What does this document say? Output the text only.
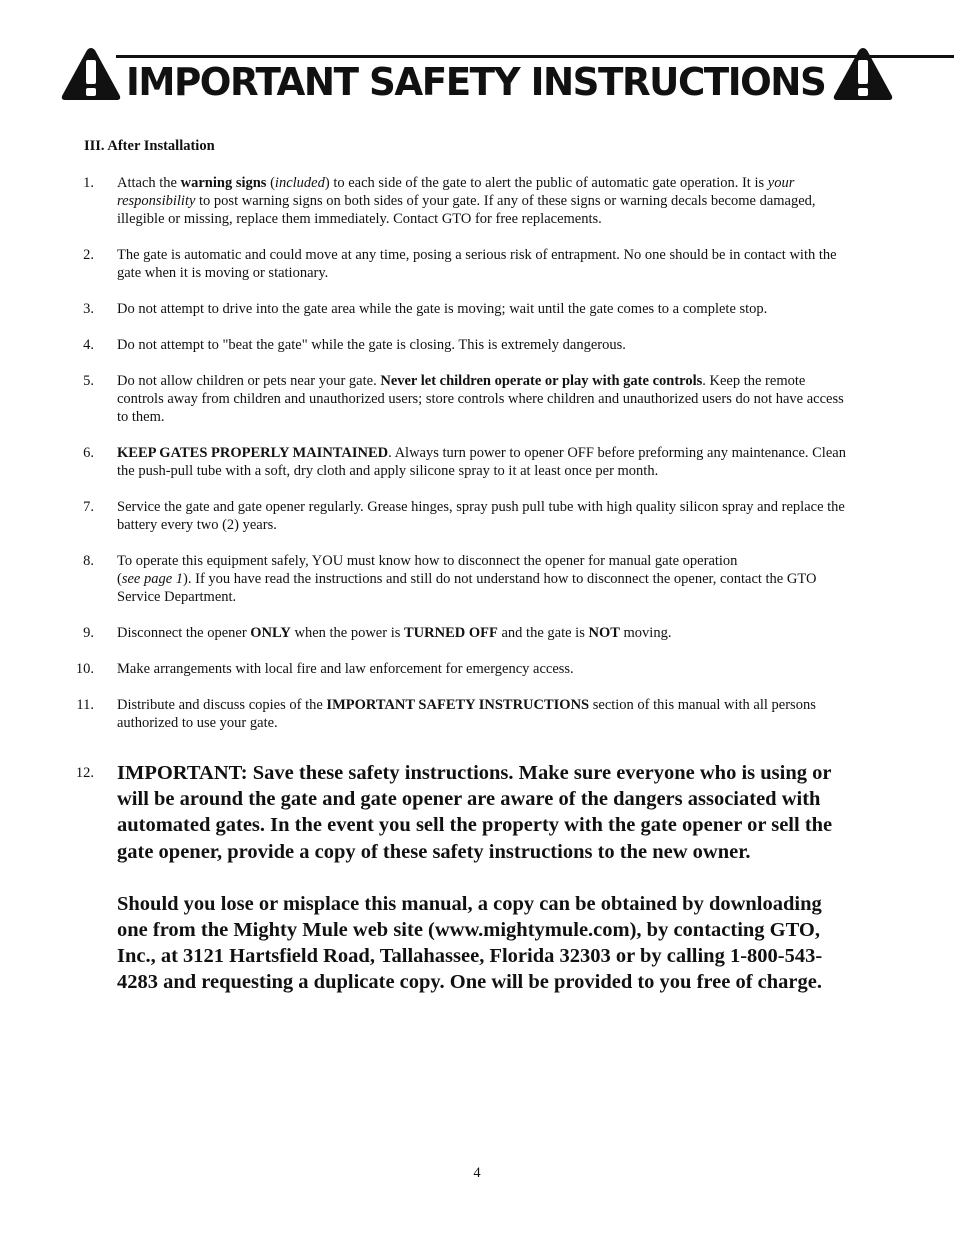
IMPORTANT SAFETY INSTRUCTIONS
III. After Installation
1.	Attach the warning signs (included) to each side of the gate to alert the public of automatic gate operation. It is your responsibility to post warning signs on both sides of your gate. If any of these signs or warning decals become damaged, illegible or missing, replace them immediately. Contact GTO for free replacements.
2.	The gate is automatic and could move at any time, posing a serious risk of entrapment. No one should be in contact with the gate when it is moving or stationary.
3.	Do not attempt to drive into the gate area while the gate is moving; wait until the gate comes to a complete stop.
4.	Do not attempt to "beat the gate" while the gate is closing. This is extremely dangerous.
5.	Do not allow children or pets near your gate. Never let children operate or play with gate controls. Keep the remote controls away from children and unauthorized users; store controls where children and unauthorized users do not have access to them.
6.	KEEP GATES PROPERLY MAINTAINED. Always turn power to opener OFF before preforming any maintenance. Clean the push-pull tube with a soft, dry cloth and apply silicone spray to it at least once per month.
7.	Service the gate and gate opener regularly. Grease hinges, spray push pull tube with high quality silicon spray and replace the battery every two (2) years.
8.	To operate this equipment safely, YOU must know how to disconnect the opener for manual gate operation
(see page 1). If you have read the instructions and still do not understand how to disconnect the opener, contact the GTO Service Department.
9.	Disconnect the opener ONLY when the power is TURNED OFF and the gate is NOT moving.
10.	Make arrangements with local fire and law enforcement for emergency access.
11.	Distribute and discuss copies of the IMPORTANT SAFETY INSTRUCTIONS section of this manual with all persons authorized to use your gate.
12.	IMPORTANT: Save these safety instructions. Make sure everyone who is using or will be around the gate and gate opener are aware of the dangers associated with automated gates. In the event you sell the property with the gate opener or sell the gate opener, provide a copy of these safety instructions to the new owner.
Should you lose or misplace this manual, a copy can be obtained by downloading one from the Mighty Mule web site (www.mightymule.com), by contacting GTO, Inc., at 3121 Hartsfield Road, Tallahassee, Florida 32303 or by calling 1-800-543-4283 and requesting a duplicate copy. One will be provided to you free of charge.
4
